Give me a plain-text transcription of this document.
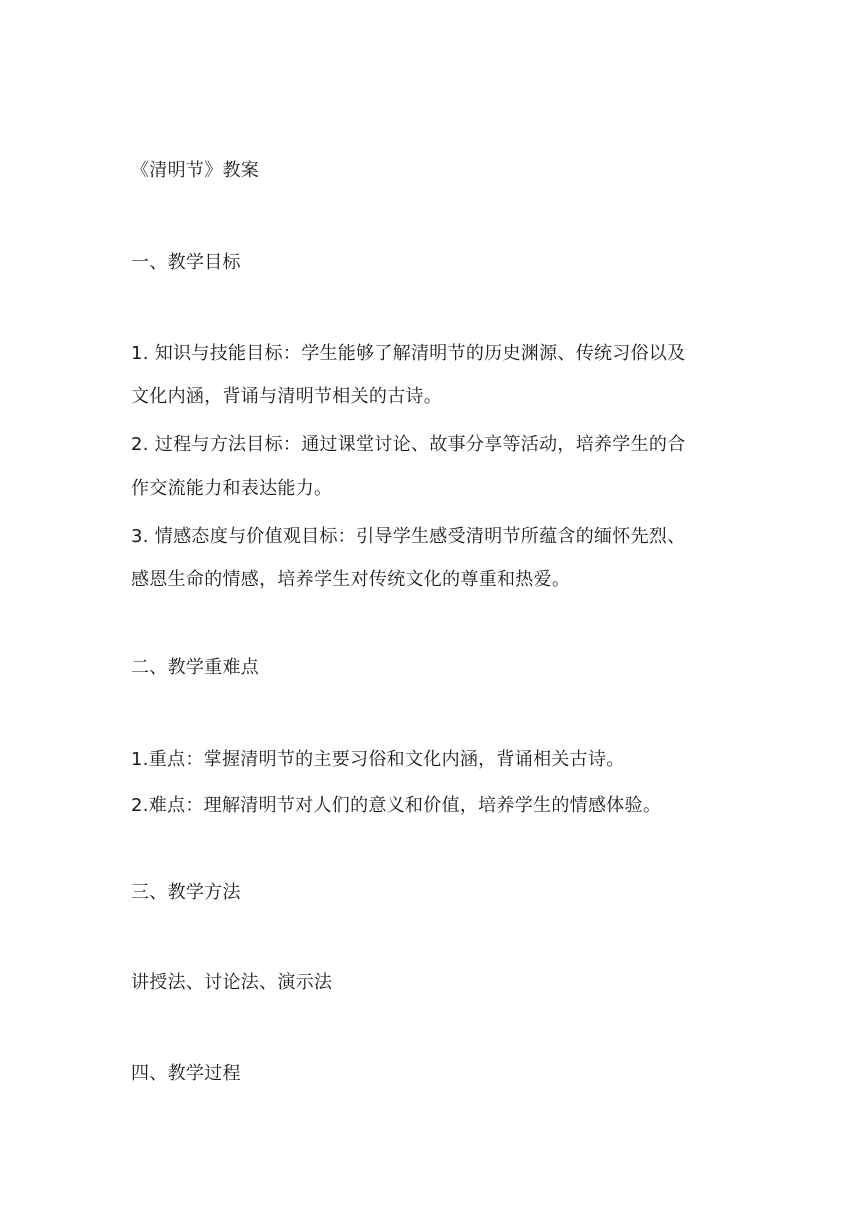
《清明节》教案
一、教学目标
1. 知识与技能目标：学生能够了解清明节的历史渊源、传统习俗以及
文化内涵，背诵与清明节相关的古诗。
2. 过程与方法目标：通过课堂讨论、故事分享等活动，培养学生的合
作交流能力和表达能力。
3. 情感态度与价值观目标：引导学生感受清明节所蕴含的缅怀先烈、
感恩生命的情感，培养学生对传统文化的尊重和热爱。
二、教学重难点
1.重点：掌握清明节的主要习俗和文化内涵，背诵相关古诗。
2.难点：理解清明节对人们的意义和价值，培养学生的情感体验。
三、教学方法
讲授法、讨论法、演示法
四、教学过程
